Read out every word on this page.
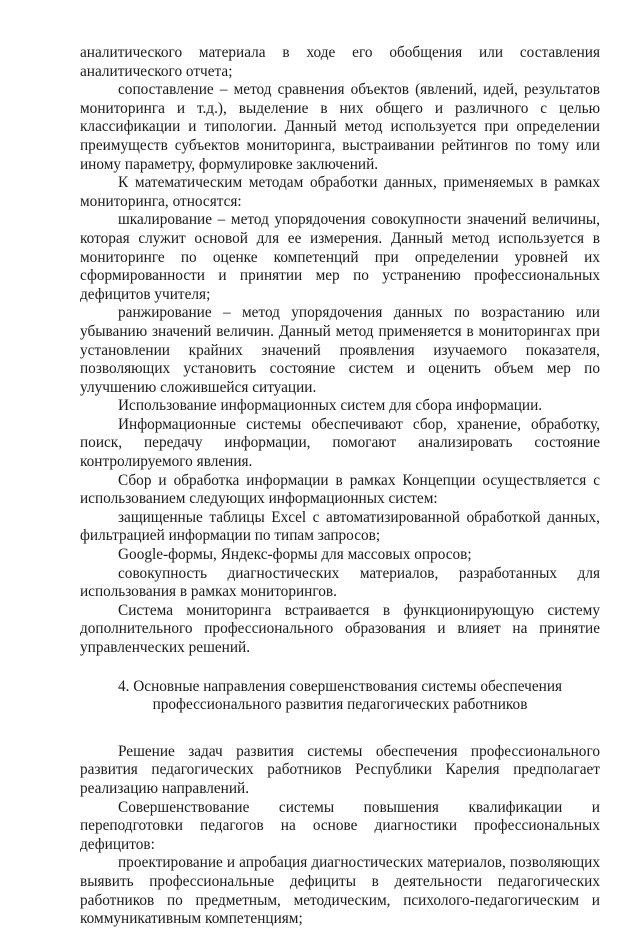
аналитического материала в ходе его обобщения или составления аналитического отчета;

сопоставление – метод сравнения объектов (явлений, идей, результатов мониторинга и т.д.), выделение в них общего и различного с целью классификации и типологии. Данный метод используется при определении преимуществ субъектов мониторинга, выстраивании рейтингов по тому или иному параметру, формулировке заключений.

К математическим методам обработки данных, применяемых в рамках мониторинга, относятся:

шкалирование – метод упорядочения совокупности значений величины, которая служит основой для ее измерения. Данный метод используется в мониторинге по оценке компетенций при определении уровней их сформированности и принятии мер по устранению профессиональных дефицитов учителя;

ранжирование – метод упорядочения данных по возрастанию или убыванию значений величин. Данный метод применяется в мониторингах при установлении крайних значений проявления изучаемого показателя, позволяющих установить состояние систем и оценить объем мер по улучшению сложившейся ситуации.

Использование информационных систем для сбора информации.

Информационные системы обеспечивают сбор, хранение, обработку, поиск, передачу информации, помогают анализировать состояние контролируемого явления.

Сбор и обработка информации в рамках Концепции осуществляется с использованием следующих информационных систем:

защищенные таблицы Excel с автоматизированной обработкой данных, фильтрацией информации по типам запросов;

Google-формы, Яндекс-формы для массовых опросов;

совокупность диагностических материалов, разработанных для использования в рамках мониторингов.

Система мониторинга встраивается в функционирующую систему дополнительного профессионального образования и влияет на принятие управленческих решений.

4. Основные направления совершенствования системы обеспечения

профессионального развития педагогических работников

Решение задач развития системы обеспечения профессионального развития педагогических работников Республики Карелия предполагает реализацию направлений.

Совершенствование системы повышения квалификации и переподготовки педагогов на основе диагностики профессиональных дефицитов:

проектирование и апробация диагностических материалов, позволяющих выявить профессиональные дефициты в деятельности педагогических работников по предметным, методическим, психолого-педагогическим и коммуникативным компетенциям;
